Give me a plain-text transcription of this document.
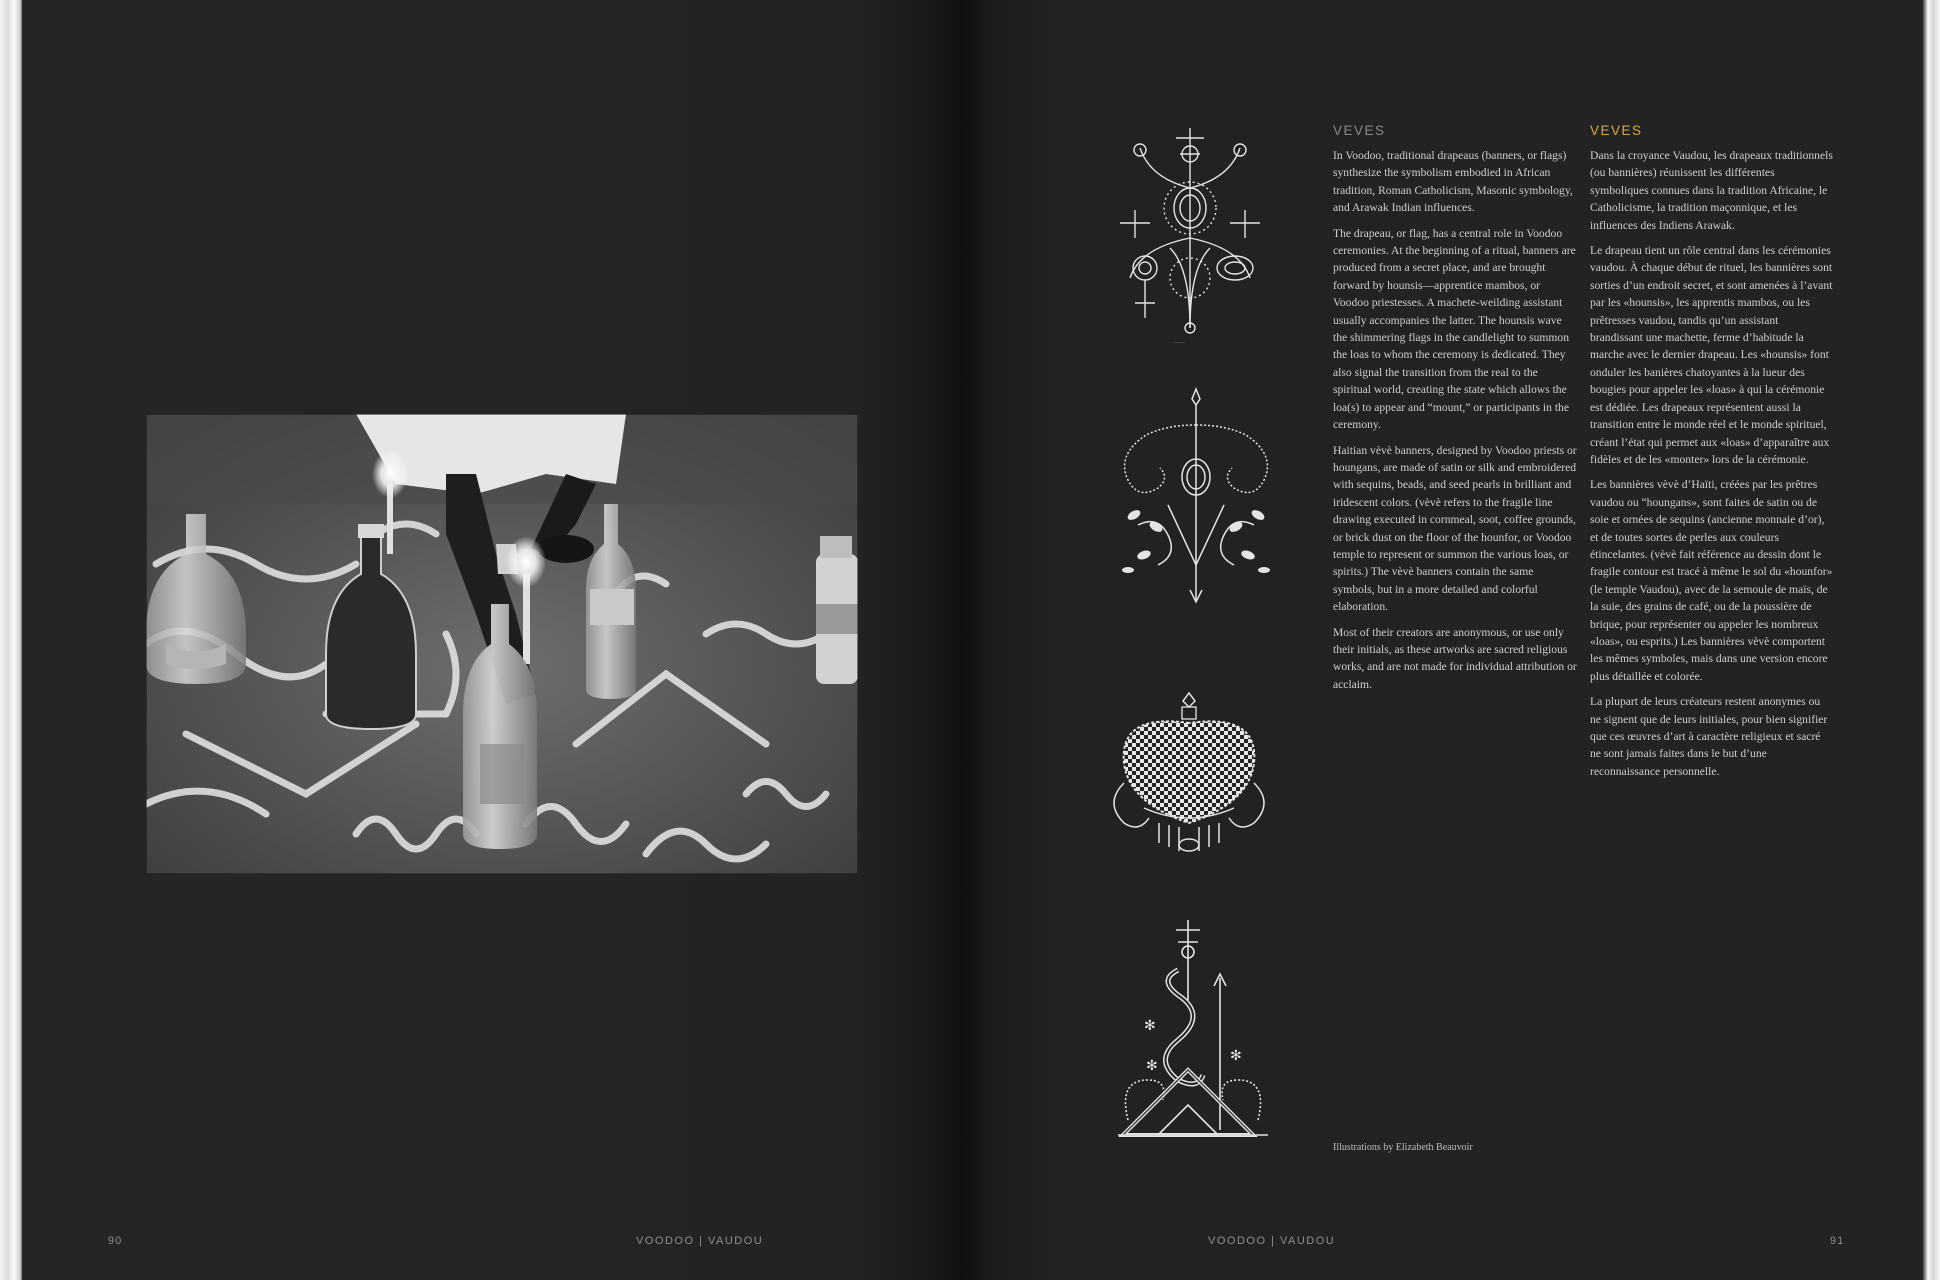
90	VOODOO | VAUDOU
~~~~
✻
✻
✻
VEVES

In Voodoo, traditional drapeaus (banners, or flags) synthesize the symbolism embodied in African tradition, Roman Catholicism, Masonic symbology, and Arawak Indian influences.

The drapeau, or flag, has a central role in Voodoo ceremonies. At the beginning of a ritual, banners are produced from a secret place, and are brought forward by hounsis—apprentice mambos, or Voodoo priestesses. A machete-weilding assistant usually accompanies the latter. The hounsis wave the shimmering flags in the candlelight to summon the loas to whom the ceremony is dedicated. They also signal the transition from the real to the spiritual world, creating the state which allows the loa(s) to appear and “mount,” or participants in the ceremony.

Haitian vèvè banners, designed by Voodoo priests or houngans, are made of satin or silk and embroidered with sequins, beads, and seed pearls in brilliant and iridescent colors. (vèvè refers to the fragile line drawing executed in cornmeal, soot, coffee grounds, or brick dust on the floor of the hounfor, or Voodoo temple to represent or summon the various loas, or spirits.) The vèvè banners contain the same symbols, but in a more detailed and colorful elaboration.

Most of their creators are anonymous, or use only their initials, as these artworks are sacred religious works, and are not made for individual attribution or acclaim.

VEVES

Dans la croyance Vaudou, les drapeaux traditionnels (ou bannières) réunissent les différentes symboliques connues dans la tradition Africaine, le Catholicisme, la tradition maçonnique, et les influences des Indiens Arawak.

Le drapeau tient un rôle central dans les cérémonies vaudou. À chaque début de rituel, les bannières sont sorties d’un endroit secret, et sont amenées à l’avant par les «hounsis», les apprentis mambos, ou les prêtresses vaudou, tandis qu’un assistant brandissant une machette, ferme d’habitude la marche avec le dernier drapeau. Les «hounsis» font onduler les banières chatoyantes à la lueur des bougies pour appeler les «loas» à qui la cérémonie est dédiée. Les drapeaux représentent aussi la transition entre le monde réel et le monde spirituel, créant l’état qui permet aux «loas» d’apparaître aux fidèles et de les «monter» lors de la cérémonie.

Les bannières vèvè d’Haïti, créées par les prêtres vaudou ou “houngans», sont faites de satin ou de soie et ornées de sequins (ancienne monnaie d’or), et de toutes sortes de perles aux couleurs étincelantes. (vèvè fait référence au dessin dont le fragile contour est tracé à même le sol du «hounfor» (le temple Vaudou), avec de la semoule de maïs, de la suie, des grains de café, ou de la poussière de brique, pour représenter ou appeler les nombreux «loas», ou esprits.) Les bannières vèvè comportent les mêmes symboles, mais dans une version encore plus détaillée et colorée.

La plupart de leurs créateurs restent anonymes ou ne signent que de leurs initiales, pour bien signifier que ces œuvres d’art à caractère religieux et sacré ne sont jamais faites dans le but d’une reconnaissance personnelle.

Illustrations by Elizabeth Beauvoir
VOODOO | VAUDOU	91
